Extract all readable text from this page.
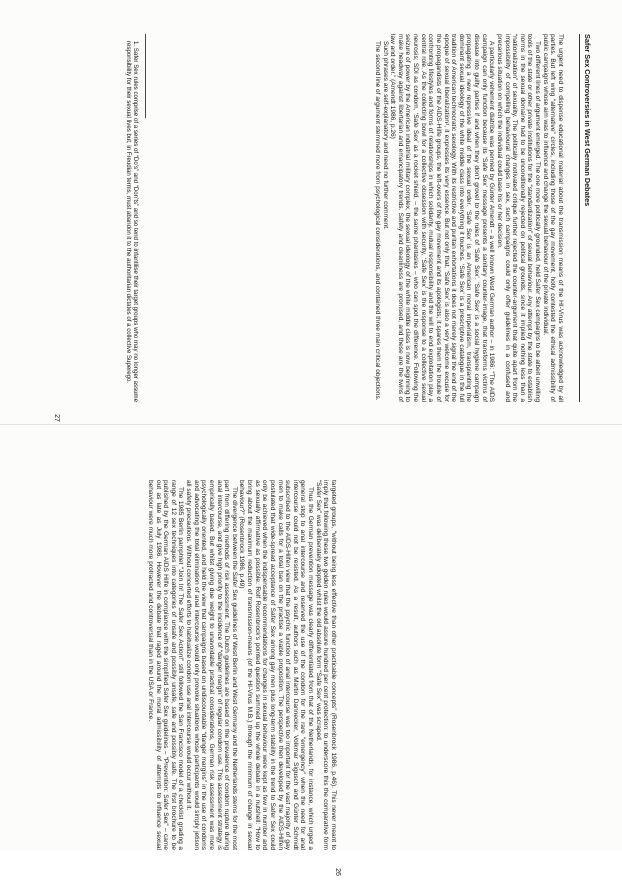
Safer Sex Controversies in West German Debates

The urgent need to dispense educational material about the transmission means of the HI-Virus was acknowledged by all parties. But left wing “alternative” circles, including those of the gay movement, hotly contested the ethical admissibility of public campaigns whose aim was to influence and change the sexual behaviour of the private individual.

Two different lines of argument emerged. The one more politically grounded, held Safer Sex campaigns to be albeit unwilling tools of the state or other private institutions for the “standardization” of sexual behaviour. Any attempt by the state to establish norms in the sexual domaine had to be unconditionally rejected on political grounds, since it implied nothing less than a “nationalization” of sexuality. The politically motivated critique further rejected the counter-argument that quite apart from the impossibility of compelling behavioural changes in sex, such campaigns could only offer guidelines in a confused and precarious situation on which the individual could base his or her decision.

A particularly vehement diatribe was penned by Günter Amendt – a well known West German author – in 1986: “The AIDS campaign can only function because its ‘Safe Sex’ message presents a sanitary counter-image, that transforms victims of disease into guilty parties if and when they don’t grovel to the rules of ‘Safe Sex’. ‘Safe Sex’ is a social hygiene campaign propagating a new repressive ideal of the sexual order. ‘Safe Sex’ is an American moral imperialism, transplanting the dominant sexual ideology of the white middle class into everything it touches. ‘Safe Sex’ is a prescriptive catalogue in the full tradition of American technocratic sexology. With its restrictive and puritan exhortations it does not merely signal the end of the epoque of sexual liberalization¹, it expresses its very essence. But not only that. ‘Safe Sex’ is also a very welcome excuse for the propagandists of the AIDS-Hilfe groups, the left-overs of the gay movement and its apologists; it spares them the trouble of confronting lifestyles and forms of relationships in which solidarity, mutual responsibility and the will to end exploitation play a central role. As the collecting bowl for a collective obsession with security, ‘Safe Sex’ is the response to a collective sexual neurosis; SDI as condom, ‘Safe Sex’ as a rocket shield, – the same phantasies – who can spot the difference. Following the seizure of power by the American industrial military complex, the sexual ideology of the white middle class is now beginning to make headway against libertarian and emancipatory trends. Safety and cleanliness are promised, and these are the twins of law and order.” (Amendt 1986, p.26)

Such phrases are self-explanatory and need no further comment.

The second line of argument stemmed more from psychological considerations, and contained three main critical objections.

1. Safer Sex rules comprise of a series of “Do’s” and “Don’ts” and so tend to infantilise their target groups who may no longer assume responsibility for their sexual lives but, in Freudian terms, must abandon it to the authoritarian dictates of a collective Superego.

27

targeted groups, “without being less effective than other practicable concepts” (Rosenbrock 1986, p.46). This never meant to imply that following these two golden rules would assure hundred per cent protection: to underscore this the comparative form “Safer Sex” was deliberately adopted whilst the old absolute form “Safe Sex” was scraped.

Thus the German prevention message was clearly differentiated from that of the Netherlands, for instance, which urged a general stop to anal intercourse and reserved the use of the condom for the rare “emergency” when the need for anal intercourse could not be resisted. As a result, authors such as Martin Dannecker, Volkmar Sigusch and Günter Schmidt subscribed to the AIDS-Hilfen view that the psychic function of anal intercourse was too important for the vast majority of gay men to make calls for a total ban on the practise a viable proposition. The perspective then developed by the AIDS-Hilfen postulated that wide-spread acceptance of Safer Sex among gay men plus long-term stability in the trend to Safer Sex could only be achieved when the indispensable recommendations for changes in sexual behaviour were kept as few in number and as sexually affirmative as possible. Rolf Rosenbrock’s pointed question summed up the whole debate in a nutshell: “How to bring about the maximum reduction of transmission-means (of the HI-Virus M.B.) through the minimum of change in sexual behaviour?” (Rosenbrock 1986, p.49)

The divergence between the Safer Sex guidelines of West Berlin and West Germany and the Netherlands stems for the most part from differing methods of risk assessment. The Dutch guidelines are based on the prevalence of condom rupture during anal intercourse, and give high priority to the incidence of “danger margin” of regular condom use. This assessment strategy is empirically based. But whilst giving due weight to unavoidable practical considerations, German risk assessment was more psychologically oriented, and held the view that campaigns based on undiscountable “danger margins” in the use of condoms and advocating the total elimination of anal intercourse would only provoke situations whose participants would simply jetison all safety precautions. Without concerted efforts to habitualize condom use anal intercourse would occur without it.

The 1985 Berlin pamphlet “Join In! The Safer Sex Action!” still followed the San Francisco model of a checklist grading a range of 12 sex techniques into categories of unsafe and possibly unsafe, safe and possibly safe. The first brochure to be published by the German AIDS Hilfe in compliance with the simplified Safer Sex guidelines – “Prevention: Safer Sex” – came out as late as July 1986. However the debate that raged around the moral admissibility of attempts to influence sexual behaviour were much more protracted and controversial than in the USA or France.

26
